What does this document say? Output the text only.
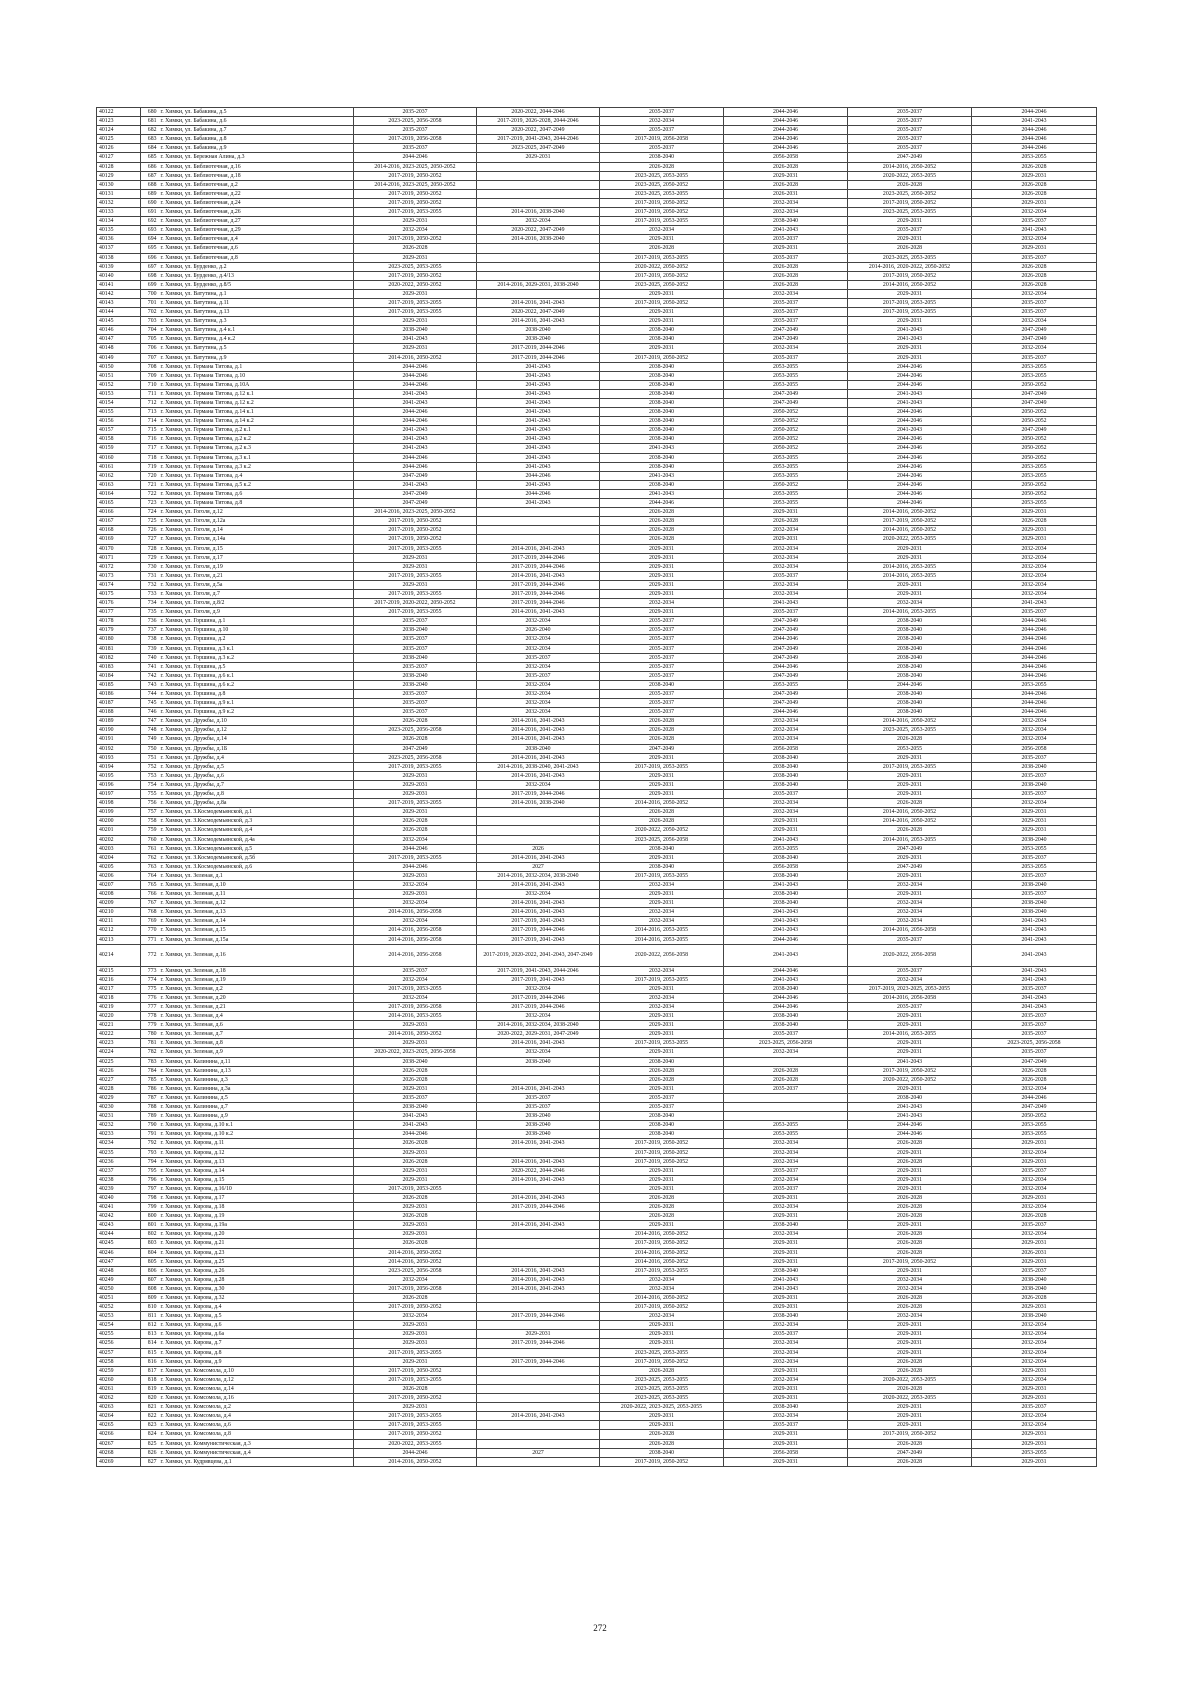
40122	680	г. Химки, ул. Бабакина, д.5	2035-2037	2020-2022, 2044-2046	2035-2037	2044-2046	2035-2037	2044-2046
40123	681	г. Химки, ул. Бабакина, д.6	2023-2025, 2056-2058	2017-2019, 2026-2028, 2044-2046	2032-2034	2044-2046	2035-2037	2041-2043
40124	682	г. Химки, ул. Бабакина, д.7	2035-2037	2020-2022, 2047-2049	2035-2037	2044-2046	2035-2037	2044-2046
40125	683	г. Химки, ул. Бабакина, д.8	2017-2019, 2056-2058	2017-2019, 2041-2043, 2044-2046	2017-2019, 2056-2058	2044-2046	2035-2037	2044-2046
40126	684	г. Химки, ул. Бабакина, д.9	2035-2037	2023-2025, 2047-2049	2035-2037	2044-2046	2035-2037	2044-2046
40127	685	г. Химки, ул. Бережная Алина, д.3	2044-2046	2029-2031	2038-2040	2056-2058	2047-2049	2053-2055
40128	686	г. Химки, ул. Библиотечная, д.16	2014-2016, 2023-2025, 2050-2052		2026-2028	2026-2028	2014-2016, 2050-2052	2026-2028
40129	687	г. Химки, ул. Библиотечная, д.18	2017-2019, 2050-2052		2023-2025, 2053-2055	2029-2031	2020-2022, 2053-2055	2029-2031
40130	688	г. Химки, ул. Библиотечная, д.2	2014-2016, 2023-2025, 2050-2052		2023-2025, 2050-2052	2026-2028	2026-2028	2026-2028
40131	689	г. Химки, ул. Библиотечная, д.22	2017-2019, 2050-2052		2023-2025, 2053-2055	2026-2031	2023-2025, 2050-2052	2026-2028
40132	690	г. Химки, ул. Библиотечная, д.24	2017-2019, 2050-2052		2017-2019, 2050-2052	2032-2034	2017-2019, 2050-2052	2029-2031
40133	691	г. Химки, ул. Библиотечная, д.26	2017-2019, 2053-2055	2014-2016, 2038-2040	2017-2019, 2050-2052	2032-2034	2023-2025, 2053-2055	2032-2034
40134	692	г. Химки, ул. Библиотечная, д.27	2029-2031	2032-2034	2017-2019, 2053-2055	2038-2040	2029-2031	2035-2037
40135	693	г. Химки, ул. Библиотечная, д.29	2032-2034	2020-2022, 2047-2049	2032-2034	2041-2043	2035-2037	2041-2043
40136	694	г. Химки, ул. Библиотечная, д.4	2017-2019, 2050-2052	2014-2016, 2038-2040	2029-2031	2035-2037	2029-2031	2032-2034
40137	695	г. Химки, ул. Библиотечная, д.6	2026-2028		2026-2028	2029-2031	2026-2028	2029-2031
40138	696	г. Химки, ул. Библиотечная, д.8	2029-2031		2017-2019, 2053-2055	2035-2037	2023-2025, 2053-2055	2035-2037
40139	697	г. Химки, ул. Бурденко, д.2	2023-2025, 2053-2055		2020-2022, 2050-2052	2026-2028	2014-2016, 2020-2022, 2050-2052	2026-2028
40140	698	г. Химки, ул. Бурденко, д.4/13	2017-2019, 2050-2052		2017-2019, 2050-2052	2026-2028	2017-2019, 2050-2052	2026-2028
40141	699	г. Химки, ул. Бурденко, д.8/5	2020-2022, 2050-2052	2014-2016, 2029-2031, 2038-2040	2023-2025, 2050-2052	2026-2028	2014-2016, 2050-2052	2026-2028
40142	700	г. Химки, ул. Ватутина, д.1	2029-2031		2029-2031	2032-2034	2029-2031	2032-2034
40143	701	г. Химки, ул. Ватутина, д.11	2017-2019, 2053-2055	2014-2016, 2041-2043	2017-2019, 2050-2052	2035-2037	2017-2019, 2053-2055	2035-2037
40144	702	г. Химки, ул. Ватутина, д.13	2017-2019, 2053-2055	2020-2022, 2047-2049	2029-2031	2035-2037	2017-2019, 2053-2055	2035-2037
40145	703	г. Химки, ул. Ватутина, д.3	2029-2031	2014-2016, 2041-2043	2029-2031	2035-2037	2029-2031	2032-2034
40146	704	г. Химки, ул. Ватутина, д.4 к.1	2038-2040	2038-2040	2038-2040	2047-2049	2041-2043	2047-2049
40147	705	г. Химки, ул. Ватутина, д.4 к.2	2041-2043	2038-2040	2038-2040	2047-2049	2041-2043	2047-2049
40148	706	г. Химки, ул. Ватутина, д.5	2029-2031	2017-2019, 2044-2046	2029-2031	2032-2034	2029-2031	2032-2034
40149	707	г. Химки, ул. Ватутина, д.9	2014-2016, 2050-2052	2017-2019, 2044-2046	2017-2019, 2050-2052	2035-2037	2029-2031	2035-2037
40150	708	г. Химки, ул. Германа Титова, д.1	2044-2046	2041-2043	2038-2040	2053-2055	2044-2046	2053-2055
40151	709	г. Химки, ул. Германа Титова, д.10	2044-2046	2041-2043	2038-2040	2053-2055	2044-2046	2053-2055
40152	710	г. Химки, ул. Германа Титова, д.10А	2044-2046	2041-2043	2038-2040	2053-2055	2044-2046	2050-2052
40153	711	г. Химки, ул. Германа Титова, д.12 к.1	2041-2043	2041-2043	2038-2040	2047-2049	2041-2043	2047-2049
40154	712	г. Химки, ул. Германа Титова, д.12 к.2	2041-2043	2041-2043	2038-2040	2047-2049	2041-2043	2047-2049
40155	713	г. Химки, ул. Германа Титова, д.14 к.1	2044-2046	2041-2043	2038-2040	2050-2052	2044-2046	2050-2052
40156	714	г. Химки, ул. Германа Титова, д.14 к.2	2044-2046	2041-2043	2038-2040	2050-2052	2044-2046	2050-2052
40157	715	г. Химки, ул. Германа Титова, д.2 к.1	2041-2043	2041-2043	2038-2040	2050-2052	2041-2043	2047-2049
40158	716	г. Химки, ул. Германа Титова, д.2 к.2	2041-2043	2041-2043	2038-2040	2050-2052	2044-2046	2050-2052
40159	717	г. Химки, ул. Германа Титова, д.2 к.3	2041-2043	2041-2043	2041-2043	2050-2052	2044-2046	2050-2052
40160	718	г. Химки, ул. Германа Титова, д.3 к.1	2044-2046	2041-2043	2038-2040	2053-2055	2044-2046	2050-2052
40161	719	г. Химки, ул. Германа Титова, д.3 к.2	2044-2046	2041-2043	2038-2040	2053-2055	2044-2046	2053-2055
40162	720	г. Химки, ул. Германа Титова, д.4	2047-2049	2044-2046	2041-2043	2053-2055	2044-2046	2053-2055
40163	721	г. Химки, ул. Германа Титова, д.5 к.2	2041-2043	2041-2043	2038-2040	2050-2052	2044-2046	2050-2052
40164	722	г. Химки, ул. Германа Титова, д.6	2047-2049	2044-2046	2041-2043	2053-2055	2044-2046	2050-2052
40165	723	г. Химки, ул. Германа Титова, д.8	2047-2049	2041-2043	2044-2046	2053-2055	2044-2046	2053-2055
40166	724	г. Химки, ул. Гоголя, д.12	2014-2016, 2023-2025, 2050-2052		2026-2028	2029-2031	2014-2016, 2050-2052	2029-2031
40167	725	г. Химки, ул. Гоголя, д.12а	2017-2019, 2050-2052		2026-2028	2026-2028	2017-2019, 2050-2052	2026-2028
40168	726	г. Химки, ул. Гоголя, д.14	2017-2019, 2050-2052		2026-2028	2032-2034	2014-2016, 2050-2052	2029-2031
40169	727	г. Химки, ул. Гоголя, д.14а	2017-2019, 2050-2052		2026-2028	2029-2031	2020-2022, 2053-2055	2029-2031
40170	728	г. Химки, ул. Гоголя, д.15	2017-2019, 2053-2055	2014-2016, 2041-2043	2029-2031	2032-2034	2029-2031	2032-2034
40171	729	г. Химки, ул. Гоголя, д.17	2029-2031	2017-2019, 2044-2046	2029-2031	2032-2034	2029-2031	2032-2034
40172	730	г. Химки, ул. Гоголя, д.19	2029-2031	2017-2019, 2044-2046	2029-2031	2032-2034	2014-2016, 2053-2055	2032-2034
40173	731	г. Химки, ул. Гоголя, д.21	2017-2019, 2053-2055	2014-2016, 2041-2043	2029-2031	2035-2037	2014-2016, 2053-2055	2032-2034
40174	732	г. Химки, ул. Гоголя, д.5а	2029-2031	2017-2019, 2044-2046	2029-2031	2032-2034	2029-2031	2032-2034
40175	733	г. Химки, ул. Гоголя, д.7	2017-2019, 2053-2055	2017-2019, 2044-2046	2029-2031	2032-2034	2029-2031	2032-2034
40176	734	г. Химки, ул. Гоголя, д.8/2	2017-2019, 2020-2022, 2050-2052	2017-2019, 2044-2046	2032-2034	2041-2043	2032-2034	2041-2043
40177	735	г. Химки, ул. Гоголя, д.9	2017-2019, 2053-2055	2014-2016, 2041-2043	2029-2031	2035-2037	2014-2016, 2053-2055	2035-2037
40178	736	г. Химки, ул. Горшина, д.1	2035-2037	2032-2034	2035-2037	2047-2049	2038-2040	2044-2046
40179	737	г. Химки, ул. Горшина, д.10	2038-2040	2026-2040	2035-2037	2047-2049	2038-2040	2044-2046
40180	738	г. Химки, ул. Горшина, д.2	2035-2037	2032-2034	2035-2037	2044-2046	2038-2040	2044-2046
40181	739	г. Химки, ул. Горшина, д.3 к.1	2035-2037	2032-2034	2035-2037	2047-2049	2038-2040	2044-2046
40182	740	г. Химки, ул. Горшина, д.3 к.2	2038-2040	2035-2037	2035-2037	2047-2049	2038-2040	2044-2046
40183	741	г. Химки, ул. Горшина, д.5	2035-2037	2032-2034	2035-2037	2044-2046	2038-2040	2044-2046
40184	742	г. Химки, ул. Горшина, д.6 к.1	2038-2040	2035-2037	2035-2037	2047-2049	2038-2040	2044-2046
40185	743	г. Химки, ул. Горшина, д.6 к.2	2038-2040	2032-2034	2038-2040	2053-2055	2044-2046	2053-2055
40186	744	г. Химки, ул. Горшина, д.8	2035-2037	2032-2034	2035-2037	2047-2049	2038-2040	2044-2046
40187	745	г. Химки, ул. Горшина, д.9 к.1	2035-2037	2032-2034	2035-2037	2047-2049	2038-2040	2044-2046
40188	746	г. Химки, ул. Горшина, д.9 к.2	2035-2037	2032-2034	2035-2037	2044-2046	2038-2040	2044-2046
40189	747	г. Химки, ул. Дружбы, д.10	2026-2028	2014-2016, 2041-2043	2026-2028	2032-2034	2014-2016, 2050-2052	2032-2034
40190	748	г. Химки, ул. Дружбы, д.12	2023-2025, 2056-2058	2014-2016, 2041-2043	2026-2028	2032-2034	2023-2025, 2053-2055	2032-2034
40191	749	г. Химки, ул. Дружбы, д.14	2026-2028	2014-2016, 2041-2043	2026-2028	2032-2034	2026-2028	2032-2034
40192	750	г. Химки, ул. Дружбы, д.1Б	2047-2049	2038-2040	2047-2049	2056-2058	2053-2055	2056-2058
40193	751	г. Химки, ул. Дружбы, д.4	2023-2025, 2056-2058	2014-2016, 2041-2043	2029-2031	2038-2040	2029-2031	2035-2037
40194	752	г. Химки, ул. Дружбы, д.5	2017-2019, 2053-2055	2014-2016, 2038-2040, 2041-2043	2017-2019, 2053-2055	2038-2040	2017-2019, 2053-2055	2038-2040
40195	753	г. Химки, ул. Дружбы, д.6	2029-2031	2014-2016, 2041-2043	2029-2031	2038-2040	2029-2031	2035-2037
40196	754	г. Химки, ул. Дружбы, д.7	2029-2031	2032-2034	2029-2031	2038-2040	2029-2031	2038-2040
40197	755	г. Химки, ул. Дружбы, д.8	2029-2031	2017-2019, 2044-2046	2029-2031	2035-2037	2029-2031	2035-2037
40198	756	г. Химки, ул. Дружбы, д.8а	2017-2019, 2053-2055	2014-2016, 2038-2040	2014-2016, 2050-2052	2032-2034	2026-2028	2032-2034
40199	757	г. Химки, ул. З.Космодемьянской, д.1	2029-2031		2026-2028	2032-2034	2014-2016, 2050-2052	2029-2031
40200	758	г. Химки, ул. З.Космодемьянской, д.3	2026-2028		2026-2028	2029-2031	2014-2016, 2050-2052	2029-2031
40201	759	г. Химки, ул. З.Космодемьянской, д.4	2026-2028		2020-2022, 2050-2052	2029-2031	2026-2028	2029-2031
40202	760	г. Химки, ул. З.Космодемьянской, д.4а	2032-2034		2023-2025, 2056-2058	2041-2043	2014-2016, 2053-2055	2038-2040
40203	761	г. Химки, ул. З.Космодемьянской, д.5	2044-2046	2026	2038-2040	2053-2055	2047-2049	2053-2055
40204	762	г. Химки, ул. З.Космодемьянской, д.5б	2017-2019, 2053-2055	2014-2016, 2041-2043	2029-2031	2038-2040	2029-2031	2035-2037
40205	763	г. Химки, ул. З.Космодемьянской, д.6	2044-2046	2027	2038-2040	2056-2058	2047-2049	2053-2055
40206	764	г. Химки, ул. Зеленая, д.1	2029-2031	2014-2016, 2032-2034, 2038-2040	2017-2019, 2053-2055	2038-2040	2029-2031	2035-2037
40207	765	г. Химки, ул. Зеленая, д.10	2032-2034	2014-2016, 2041-2043	2032-2034	2041-2043	2032-2034	2038-2040
40208	766	г. Химки, ул. Зеленая, д.11	2029-2031	2032-2034	2029-2031	2038-2040	2029-2031	2035-2037
40209	767	г. Химки, ул. Зеленая, д.12	2032-2034	2014-2016, 2041-2043	2029-2031	2038-2040	2032-2034	2038-2040
40210	768	г. Химки, ул. Зеленая, д.13	2014-2016, 2056-2058	2014-2016, 2041-2043	2032-2034	2041-2043	2032-2034	2038-2040
40211	769	г. Химки, ул. Зеленая, д.14	2032-2034	2017-2019, 2041-2043	2032-2034	2041-2043	2032-2034	2041-2043
40212	770	г. Химки, ул. Зеленая, д.15	2014-2016, 2056-2058	2017-2019, 2044-2046	2014-2016, 2053-2055	2041-2043	2014-2016, 2056-2058	2041-2043
40213	771	г. Химки, ул. Зеленая, д.15а	2014-2016, 2056-2058	2017-2019, 2041-2043	2014-2016, 2053-2055	2044-2046	2035-2037	2041-2043
40214	772	г. Химки, ул. Зеленая, д.16	2014-2016, 2056-2058	2017-2019, 2020-2022, 2041-2043, 2047-2049	2020-2022, 2056-2058	2041-2043	2020-2022, 2056-2058	2041-2043
40215	773	г. Химки, ул. Зеленая, д.18	2035-2037	2017-2019, 2041-2043, 2044-2046	2032-2034	2044-2046	2035-2037	2041-2043
40216	774	г. Химки, ул. Зеленая, д.19	2032-2034	2017-2019, 2041-2043	2017-2019, 2053-2055	2041-2043	2032-2034	2041-2043
40217	775	г. Химки, ул. Зеленая, д.2	2017-2019, 2053-2055	2032-2034	2029-2031	2038-2040	2017-2019, 2023-2025, 2053-2055	2035-2037
40218	776	г. Химки, ул. Зеленая, д.20	2032-2034	2017-2019, 2044-2046	2032-2034	2044-2046	2014-2016, 2056-2058	2041-2043
40219	777	г. Химки, ул. Зеленая, д.21	2017-2019, 2056-2058	2017-2019, 2044-2046	2032-2034	2044-2046	2035-2037	2041-2043
40220	778	г. Химки, ул. Зеленая, д.4	2014-2016, 2053-2055	2032-2034	2029-2031	2038-2040	2029-2031	2035-2037
40221	779	г. Химки, ул. Зеленая, д.6	2029-2031	2014-2016, 2032-2034, 2038-2040	2029-2031	2038-2040	2029-2031	2035-2037
40222	780	г. Химки, ул. Зеленая, д.7	2014-2016, 2050-2052	2020-2022, 2029-2031, 2047-2049	2029-2031	2035-2037	2014-2016, 2053-2055	2035-2037
40223	781	г. Химки, ул. Зеленая, д.8	2029-2031	2014-2016, 2041-2043	2017-2019, 2053-2055	2023-2025, 2056-2058	2029-2031	2023-2025, 2056-2058
40224	782	г. Химки, ул. Зеленая, д.9	2020-2022, 2023-2025, 2056-2058	2032-2034	2029-2031	2032-2034	2029-2031	2035-2037
40225	783	г. Химки, ул. Калинина, д.11	2038-2040	2038-2040	2038-2040		2041-2043	2047-2049
40226	784	г. Химки, ул. Калинина, д.13	2026-2028		2026-2028	2026-2028	2017-2019, 2050-2052	2026-2028
40227	785	г. Химки, ул. Калинина, д.3	2026-2028		2026-2028	2026-2028	2020-2022, 2050-2052	2026-2028
40228	786	г. Химки, ул. Калинина, д.3а	2029-2031	2014-2016, 2041-2043	2029-2031	2035-2037	2029-2031	2032-2034
40229	787	г. Химки, ул. Калинина, д.5	2035-2037	2035-2037	2035-2037		2038-2040	2044-2046
40230	788	г. Химки, ул. Калинина, д.7	2038-2040	2035-2037	2035-2037		2041-2043	2047-2049
40231	789	г. Химки, ул. Калинина, д.9	2041-2043	2038-2040	2038-2040		2041-2043	2050-2052
40232	790	г. Химки, ул. Кирова, д.10 к.1	2041-2043	2038-2040	2038-2040	2053-2055	2044-2046	2053-2055
40233	791	г. Химки, ул. Кирова, д.10 к.2	2044-2046	2038-2040	2038-2040	2053-2055	2044-2046	2053-2055
40234	792	г. Химки, ул. Кирова, д.11	2026-2028	2014-2016, 2041-2043	2017-2019, 2050-2052	2032-2034	2026-2028	2029-2031
40235	793	г. Химки, ул. Кирова, д.12	2029-2031		2017-2019, 2050-2052	2032-2034	2029-2031	2032-2034
40236	794	г. Химки, ул. Кирова, д.13	2026-2028	2014-2016, 2041-2043	2017-2019, 2050-2052	2032-2034	2026-2028	2029-2031
40237	795	г. Химки, ул. Кирова, д.14	2029-2031	2020-2022, 2044-2046	2029-2031	2035-2037	2029-2031	2035-2037
40238	796	г. Химки, ул. Кирова, д.15	2029-2031	2014-2016, 2041-2043	2029-2031	2032-2034	2029-2031	2032-2034
40239	797	г. Химки, ул. Кирова, д.16/10	2017-2019, 2053-2055		2029-2031	2035-2037	2029-2031	2032-2034
40240	798	г. Химки, ул. Кирова, д.17	2026-2028	2014-2016, 2041-2043	2026-2028	2029-2031	2026-2028	2029-2031
40241	799	г. Химки, ул. Кирова, д.18	2029-2031	2017-2019, 2044-2046	2026-2028	2032-2034	2026-2028	2032-2034
40242	800	г. Химки, ул. Кирова, д.19	2026-2028		2026-2028	2029-2031	2026-2028	2026-2028
40243	801	г. Химки, ул. Кирова, д.19а	2029-2031	2014-2016, 2041-2043	2029-2031	2038-2040	2029-2031	2035-2037
40244	802	г. Химки, ул. Кирова, д.20	2029-2031		2014-2016, 2050-2052	2032-2034	2026-2028	2032-2034
40245	803	г. Химки, ул. Кирова, д.21	2026-2028		2017-2019, 2050-2052	2029-2031	2026-2028	2029-2031
40246	804	г. Химки, ул. Кирова, д.23	2014-2016, 2050-2052		2014-2016, 2050-2052	2029-2031	2026-2028	2026-2031
40247	805	г. Химки, ул. Кирова, д.25	2014-2016, 2050-2052		2014-2016, 2050-2052	2029-2031	2017-2019, 2050-2052	2029-2031
40248	806	г. Химки, ул. Кирова, д.26	2023-2025, 2056-2058	2014-2016, 2041-2043	2017-2019, 2053-2055	2038-2040	2029-2031	2035-2037
40249	807	г. Химки, ул. Кирова, д.28	2032-2034	2014-2016, 2041-2043	2032-2034	2041-2043	2032-2034	2038-2040
40250	808	г. Химки, ул. Кирова, д.30	2017-2019, 2056-2058	2014-2016, 2041-2043	2032-2034	2041-2043	2032-2034	2038-2040
40251	809	г. Химки, ул. Кирова, д.32	2026-2028		2014-2016, 2050-2052	2029-2031	2026-2028	2026-2028
40252	810	г. Химки, ул. Кирова, д.4	2017-2019, 2050-2052		2017-2019, 2050-2052	2029-2031	2026-2028	2029-2031
40253	811	г. Химки, ул. Кирова, д.5	2032-2034	2017-2019, 2044-2046	2032-2034	2038-2040	2032-2034	2038-2040
40254	812	г. Химки, ул. Кирова, д.6	2029-2031		2029-2031	2032-2034	2029-2031	2032-2034
40255	813	г. Химки, ул. Кирова, д.6а	2029-2031	2029-2031	2029-2031	2035-2037	2029-2031	2032-2034
40256	814	г. Химки, ул. Кирова, д.7	2029-2031	2017-2019, 2044-2046	2029-2031	2032-2034	2029-2031	2032-2034
40257	815	г. Химки, ул. Кирова, д.8	2017-2019, 2053-2055		2023-2025, 2053-2055	2032-2034	2029-2031	2032-2034
40258	816	г. Химки, ул. Кирова, д.9	2029-2031	2017-2019, 2044-2046	2017-2019, 2050-2052	2032-2034	2026-2028	2032-2034
40259	817	г. Химки, ул. Комсомола, д.10	2017-2019, 2050-2052		2026-2028	2029-2031	2026-2028	2029-2031
40260	818	г. Химки, ул. Комсомола, д.12	2017-2019, 2053-2055		2023-2025, 2053-2055	2032-2034	2020-2022, 2053-2055	2032-2034
40261	819	г. Химки, ул. Комсомола, д.14	2026-2028		2023-2025, 2053-2055	2029-2031	2026-2028	2029-2031
40262	820	г. Химки, ул. Комсомола, д.16	2017-2019, 2050-2052		2023-2025, 2053-2055	2029-2031	2020-2022, 2053-2055	2029-2031
40263	821	г. Химки, ул. Комсомола, д.2	2029-2031		2020-2022, 2023-2025, 2053-2055	2038-2040	2029-2031	2035-2037
40264	822	г. Химки, ул. Комсомола, д.4	2017-2019, 2053-2055	2014-2016, 2041-2043	2029-2031	2032-2034	2029-2031	2032-2034
40265	823	г. Химки, ул. Комсомола, д.6	2017-2019, 2053-2055		2029-2031	2035-2037	2029-2031	2032-2034
40266	824	г. Химки, ул. Комсомола, д.8	2017-2019, 2050-2052		2026-2028	2029-2031	2017-2019, 2050-2052	2029-2031
40267	825	г. Химки, ул. Коммунистическая, д.3	2020-2022, 2053-2055		2026-2028	2029-2031	2026-2028	2029-2031
40268	826	г. Химки, ул. Коммунистическая, д.4	2044-2046	2027	2038-2040	2056-2058	2047-2049	2053-2055
40269	827	г. Химки, ул. Кудрявцева, д.1	2014-2016, 2050-2052		2017-2019, 2050-2052	2029-2031	2026-2028	2029-2031
272
